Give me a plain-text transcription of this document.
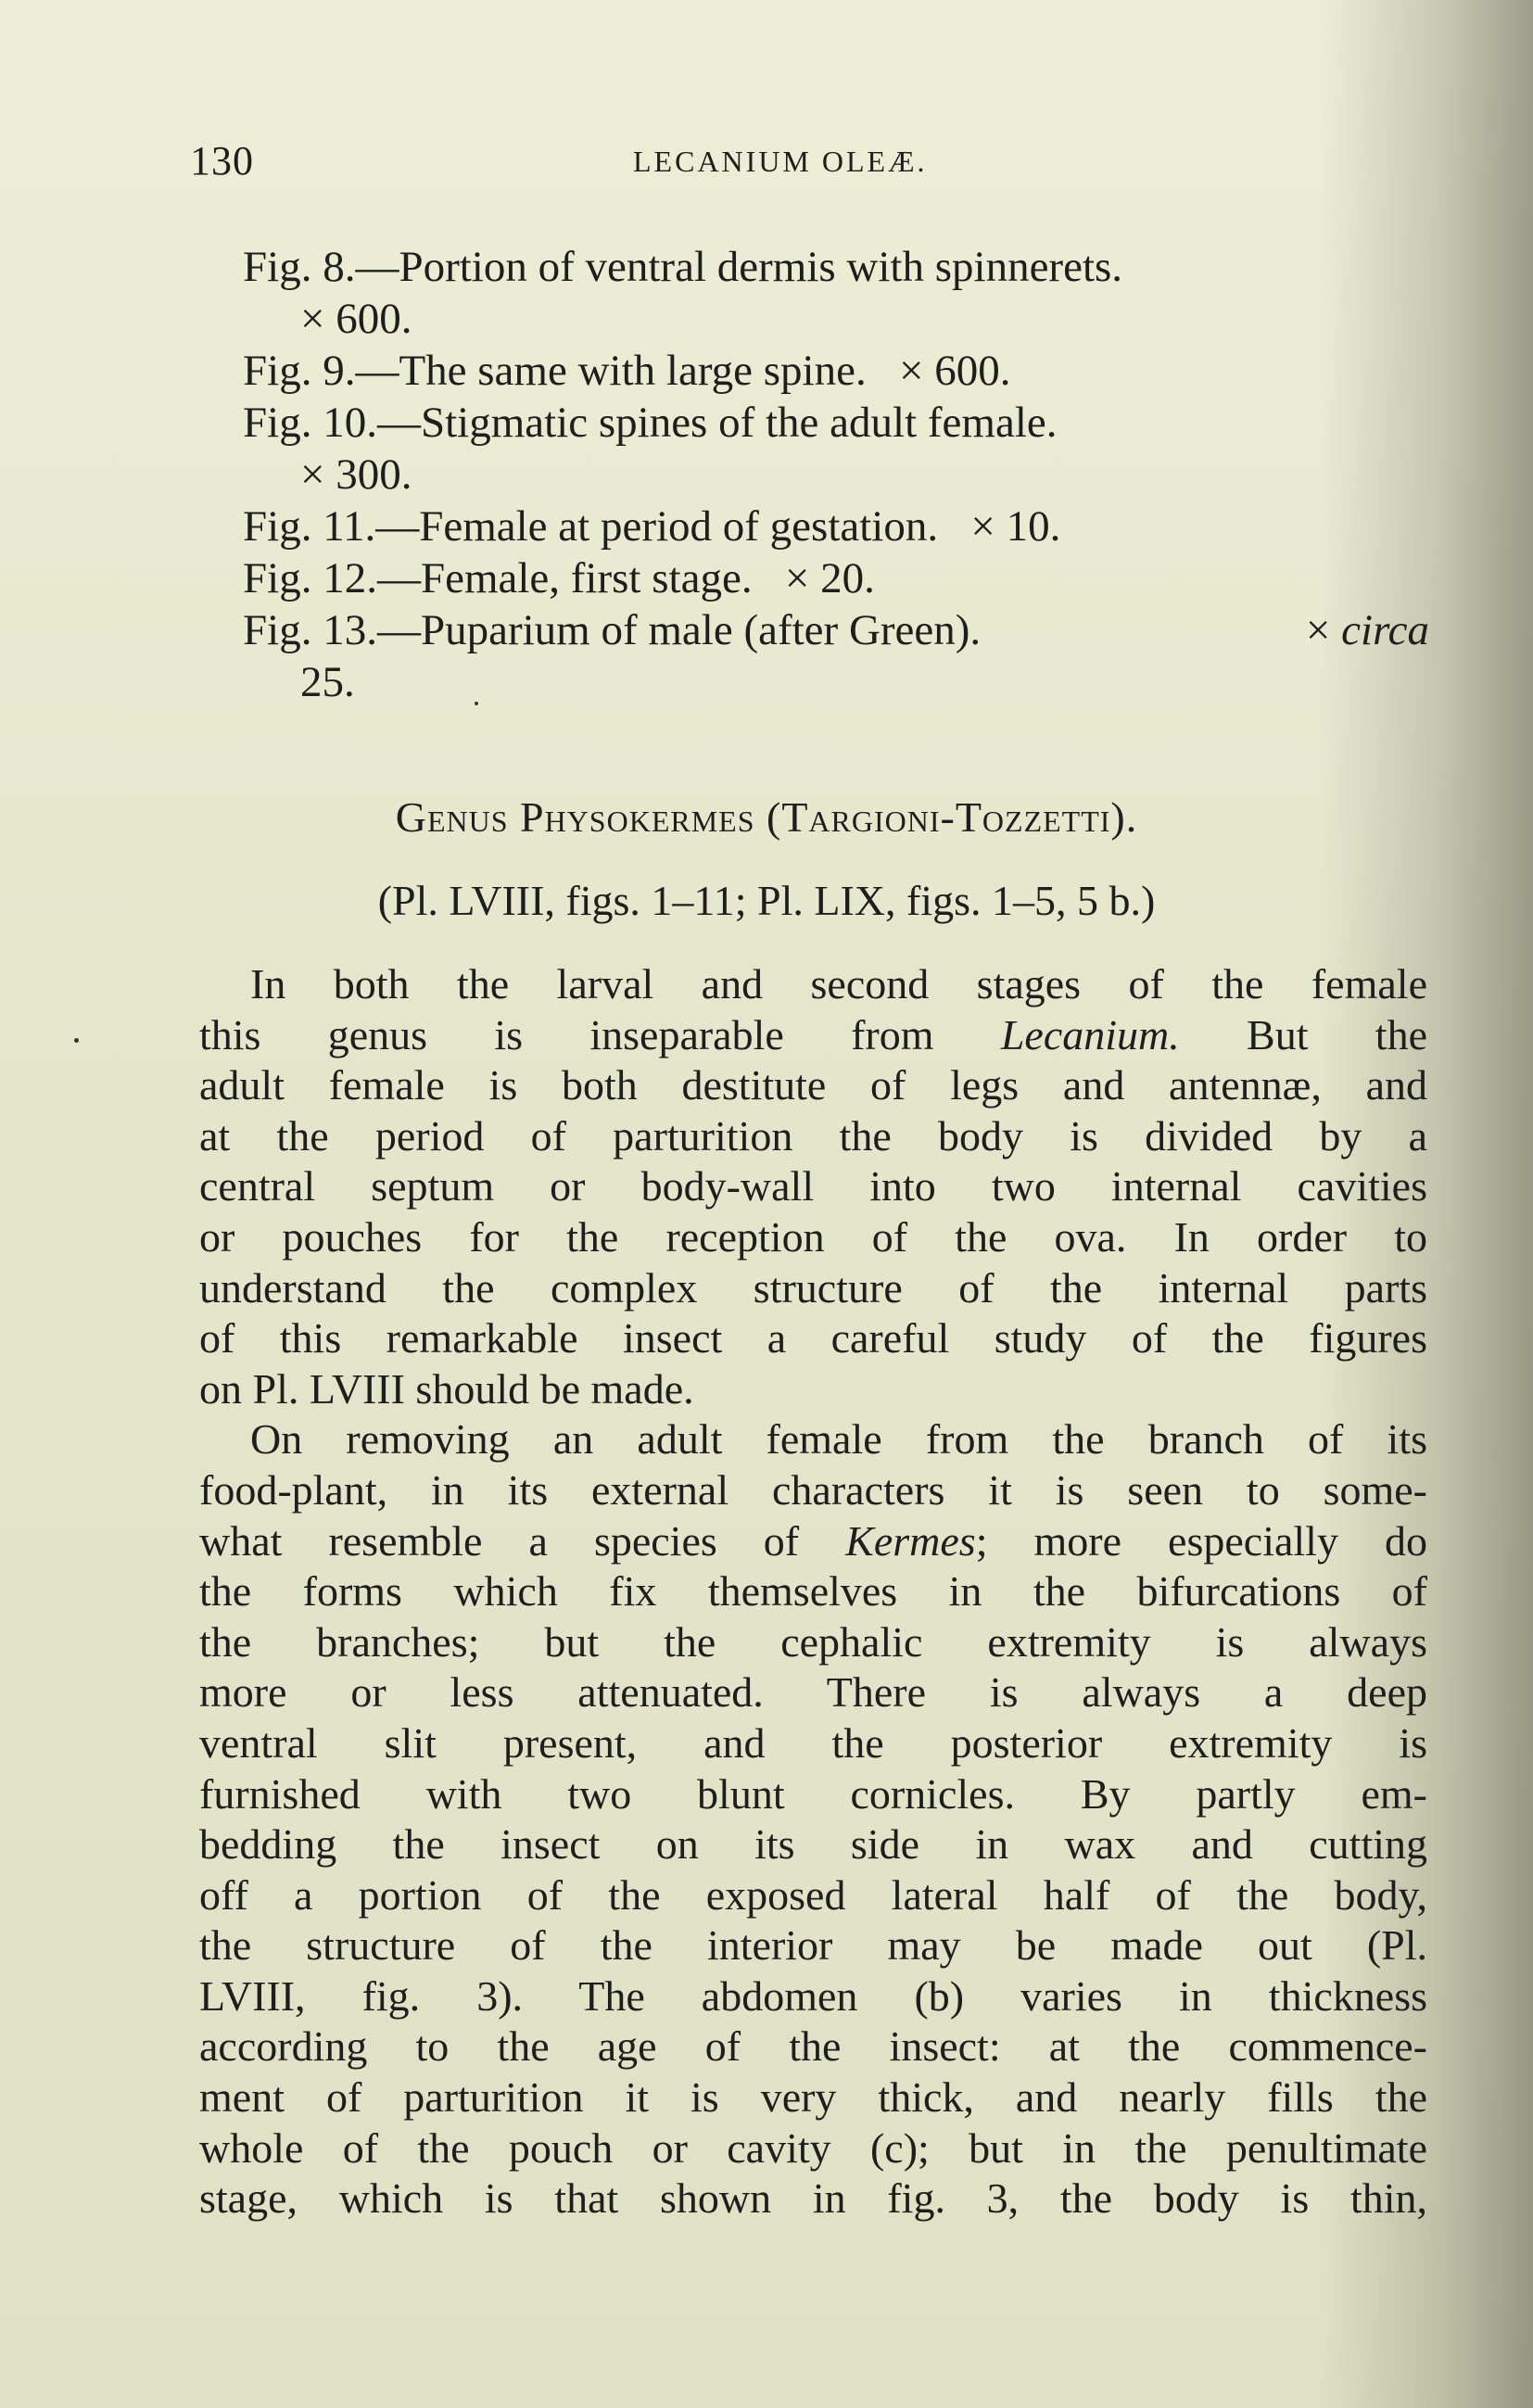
130	LECANIUM OLEÆ.
Fig. 8.—Portion of ventral dermis with spinnerets.
× 600.
Fig. 9.—The same with large spine.   × 600.
Fig. 10.—Stigmatic spines of the adult female.
× 300.
Fig. 11.—Female at period of gestation.   × 10.
Fig. 12.—Female, first stage.   × 20.
Fig. 13.—Puparium of male (after Green).	× circa
25.
Genus Physokermes (Targioni-Tozzetti).
(Pl. LVIII, figs. 1–11; Pl. LIX, figs. 1–5, 5 b.)

In both the larval and second stages of the female
this genus is inseparable from Lecanium. But the
adult female is both destitute of legs and antennæ, and
at the period of parturition the body is divided by a
central septum or body-wall into two internal cavities
or pouches for the reception of the ova. In order to
understand the complex structure of the internal parts
of this remarkable insect a careful study of the figures
on Pl. LVIII should be made.

On removing an adult female from the branch of its
food-plant, in its external characters it is seen to some-
what resemble a species of Kermes; more especially do
the forms which fix themselves in the bifurcations of
the branches; but the cephalic extremity is always
more or less attenuated. There is always a deep
ventral slit present, and the posterior extremity is
furnished with two blunt cornicles. By partly em-
bedding the insect on its side in wax and cutting
off a portion of the exposed lateral half of the body,
the structure of the interior may be made out (Pl.
LVIII, fig. 3). The abdomen (b) varies in thickness
according to the age of the insect: at the commence-
ment of parturition it is very thick, and nearly fills the
whole of the pouch or cavity (c); but in the penultimate
stage, which is that shown in fig. 3, the body is thin,
